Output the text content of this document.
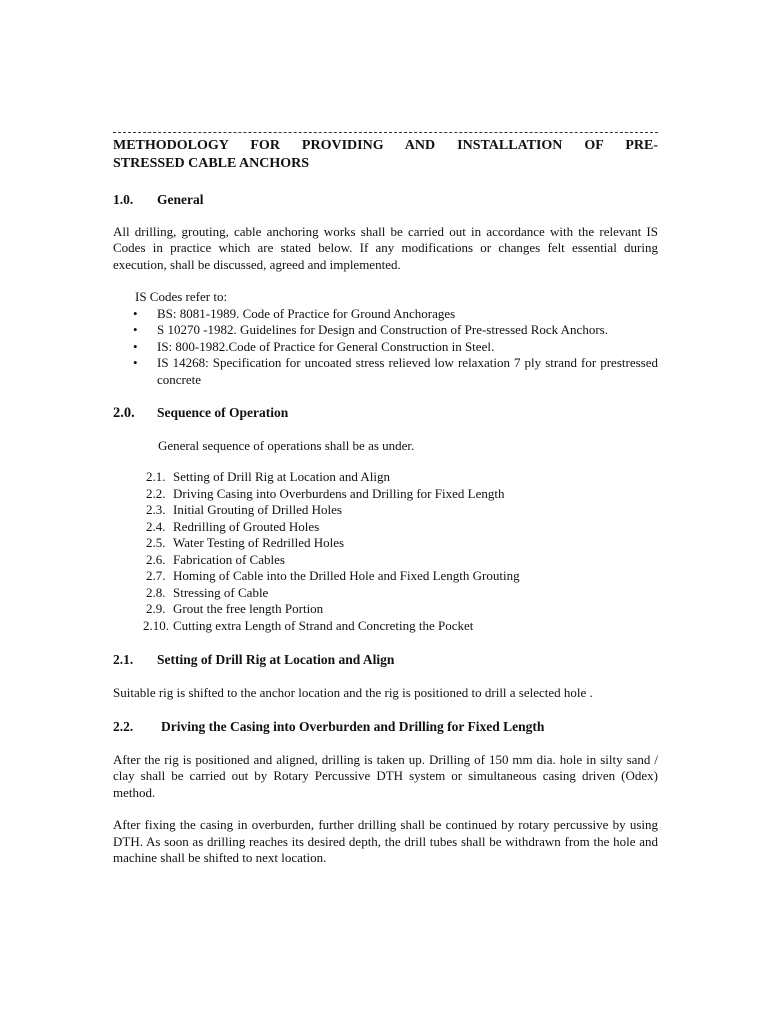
METHODOLOGY FOR PROVIDING AND INSTALLATION OF PRE-
STRESSED CABLE ANCHORS
1.0. General

All drilling, grouting, cable anchoring works shall be carried out in accordance with the relevant IS Codes in practice which are stated below. If any modifications or changes felt essential during execution, shall be discussed, agreed and implemented.

IS Codes refer to:

• BS: 8081-1989. Code of Practice for Ground Anchorages
• S 10270 -1982. Guidelines for Design and Construction of Pre-stressed Rock Anchors.
• IS: 800-1982.Code of Practice for General Construction in Steel.
• IS 14268: Specification for uncoated stress relieved low relaxation 7 ply strand for prestressed concrete
2.0. Sequence of Operation

General sequence of operations shall be as under.

2.1. Setting of Drill Rig at Location and Align
2.2. Driving Casing into Overburdens and Drilling for Fixed Length
2.3. Initial Grouting of Drilled Holes
2.4. Redrilling of Grouted Holes
2.5. Water Testing of Redrilled Holes
2.6. Fabrication of Cables
2.7. Homing of Cable into the Drilled Hole and Fixed Length Grouting
2.8. Stressing of Cable
2.9. Grout the free length Portion
2.10. Cutting extra Length of Strand and Concreting the Pocket
2.1. Setting of Drill Rig at Location and Align

Suitable rig is shifted to the anchor location and the rig is positioned to drill a selected hole .

2.2. Driving the Casing into Overburden and Drilling for Fixed Length

After the rig is positioned and aligned, drilling is taken up. Drilling of 150 mm dia. hole in silty sand / clay shall be carried out by Rotary Percussive DTH system or simultaneous casing driven (Odex) method.

After fixing the casing in overburden, further drilling shall be continued by rotary percussive by using DTH. As soon as drilling reaches its desired depth, the drill tubes shall be withdrawn from the hole and machine shall be shifted to next location.
